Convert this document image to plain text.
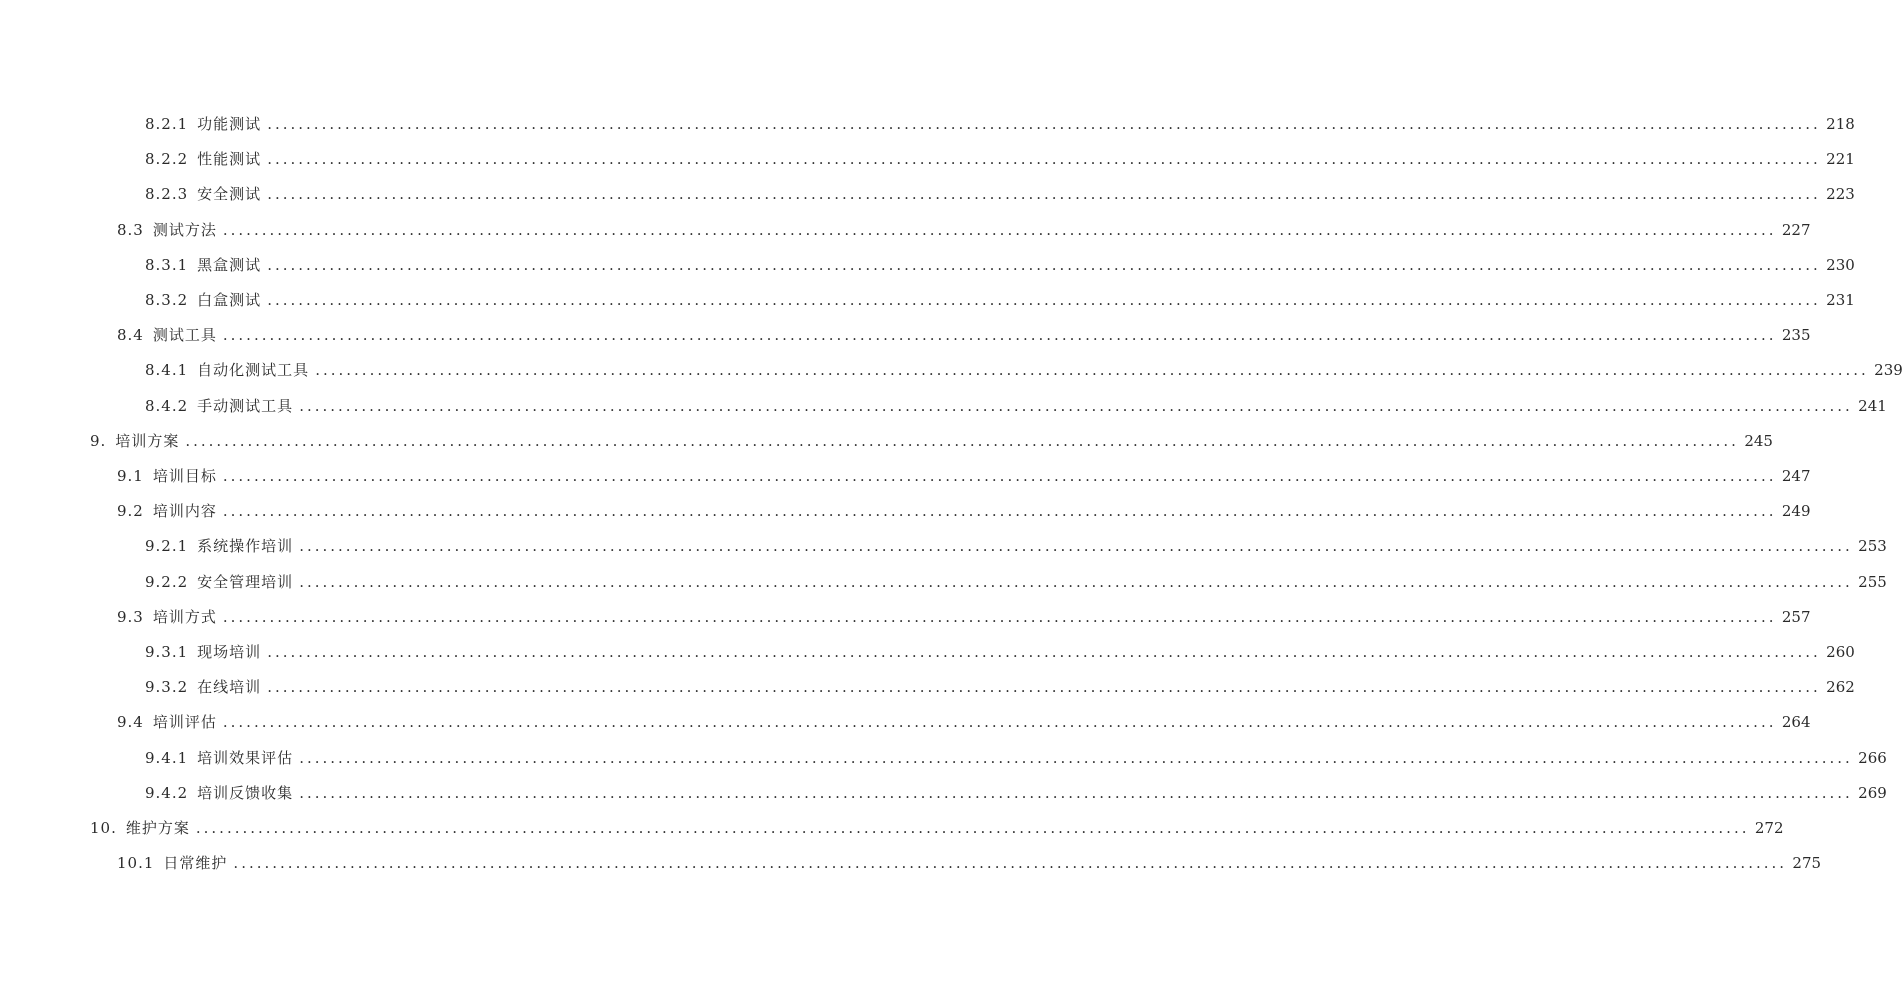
8.2.1 功能测试 ........................................................................................................................................................................................................ 218
8.2.2 性能测试 ........................................................................................................................................................................................................ 221
8.2.3 安全测试 ........................................................................................................................................................................................................ 223
8.3 测试方法 ........................................................................................................................................................................................................ 227
8.3.1 黑盒测试 ........................................................................................................................................................................................................ 230
8.3.2 白盒测试 ........................................................................................................................................................................................................ 231
8.4 测试工具 ........................................................................................................................................................................................................ 235
8.4.1 自动化测试工具 ........................................................................................................................................................................................................ 239
8.4.2 手动测试工具 ........................................................................................................................................................................................................ 241
9. 培训方案 ........................................................................................................................................................................................................ 245
9.1 培训目标 ........................................................................................................................................................................................................ 247
9.2 培训内容 ........................................................................................................................................................................................................ 249
9.2.1 系统操作培训 ........................................................................................................................................................................................................ 253
9.2.2 安全管理培训 ........................................................................................................................................................................................................ 255
9.3 培训方式 ........................................................................................................................................................................................................ 257
9.3.1 现场培训 ........................................................................................................................................................................................................ 260
9.3.2 在线培训 ........................................................................................................................................................................................................ 262
9.4 培训评估 ........................................................................................................................................................................................................ 264
9.4.1 培训效果评估 ........................................................................................................................................................................................................ 266
9.4.2 培训反馈收集 ........................................................................................................................................................................................................ 269
10. 维护方案 ........................................................................................................................................................................................................ 272
10.1 日常维护 ........................................................................................................................................................................................................ 275
